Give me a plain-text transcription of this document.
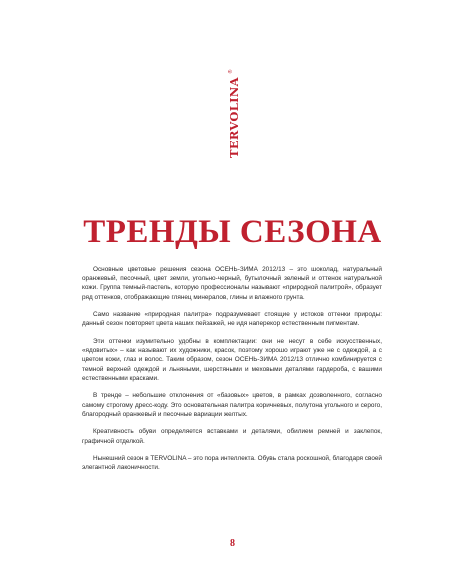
TERVOLINA
®
ТРЕНДЫ СЕЗОНА

Основные цветовые решения сезона ОСЕНЬ-ЗИМА 2012/13 – это шоколад, натуральный оранжевый, песочный, цвет земли, угольно-черный, бутылочный зеленый и оттенок натуральной кожи. Группа темный-пастель, которую профессионалы называют «природной палитрой», образует ряд оттенков, отображающие глянец минералов, глины и влажного грунта.

Само название «природная палитра» подразумевает стоящие у истоков оттенки природы: данный сезон повторяет цвета наших пейзажей, не идя наперекор естественным пигментам.

Эти оттенки изумительно удобны в комплектации: они не несут в себе искусственных, «ядовитых» – как называют их художники, красок, поэтому хорошо играют уже не с одеждой, а с цветом кожи, глаз и волос. Таким образом, сезон ОСЕНЬ-ЗИМА 2012/13 отлично комбинируется с темной верхней одеждой и льняными, шерстяными и меховыми деталями гардероба, с вашими естественными красками.

В тренде – небольшие отклонения от «базовых» цветов, в рамках дозволенного, согласно самому строгому дресс-коду. Это основательная палитра коричневых, полутона угольного и серого, благородный оранжевый и песочные вариации желтых.

Креативность обуви определяется вставками и деталями, обилием ремней и заклепок, графичной отделкой.

Нынешний сезон в TERVOLINA – это пора интеллекта. Обувь стала роскошной, благодаря своей элегантной лаконичности.

8
